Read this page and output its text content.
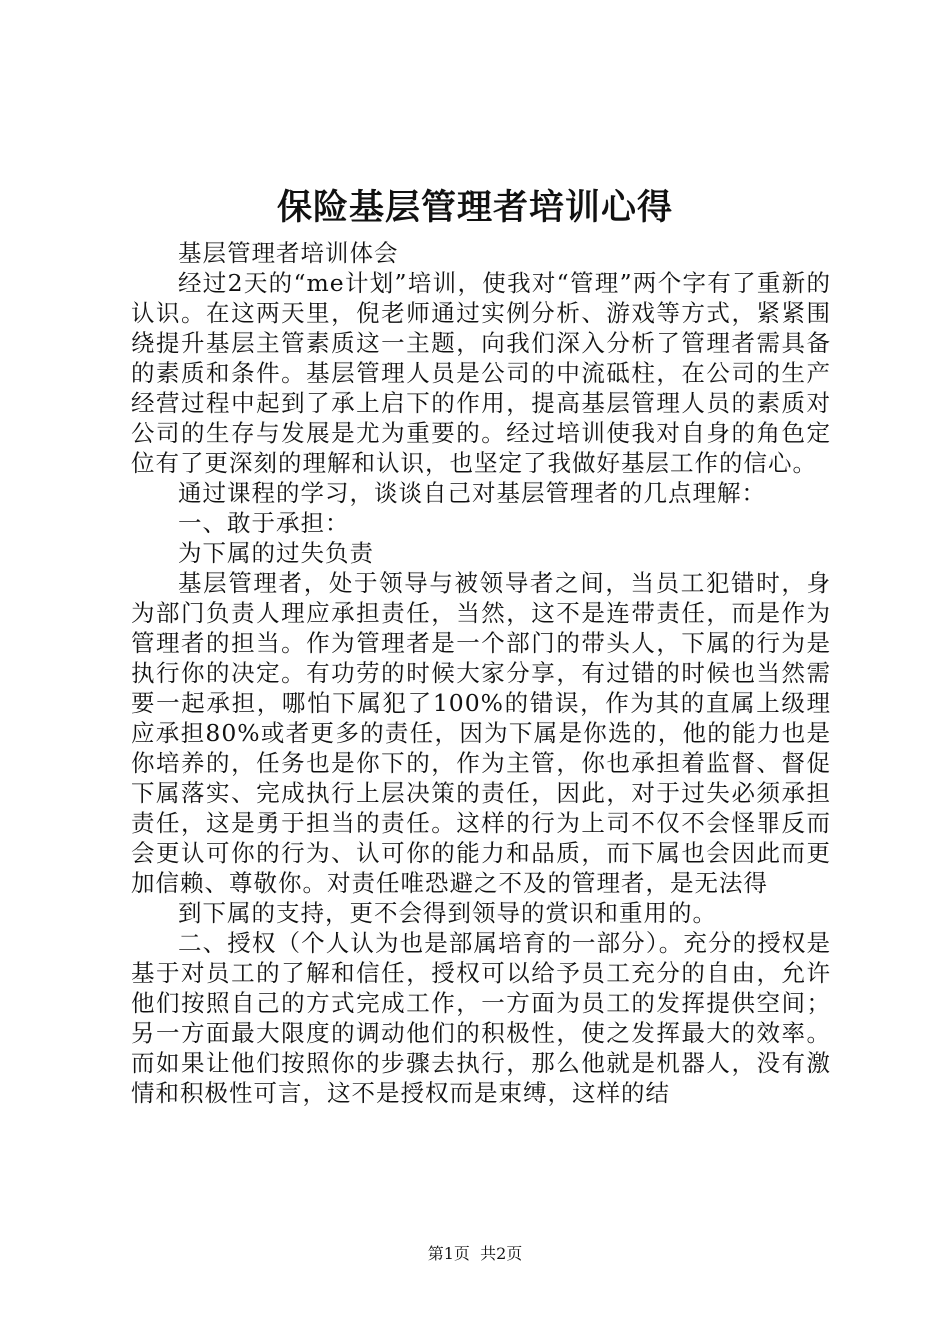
保险基层管理者培训心得

基层管理者培训体会

经过2天的“me计划”培训，使我对“管理”两个字有了重新的认识。在这两天里，倪老师通过实例分析、游戏等方式，紧紧围绕提升基层主管素质这一主题，向我们深入分析了管理者需具备的素质和条件。基层管理人员是公司的中流砥柱，在公司的生产经营过程中起到了承上启下的作用，提高基层管理人员的素质对公司的生存与发展是尤为重要的。经过培训使我对自身的角色定位有了更深刻的理解和认识，也坚定了我做好基层工作的信心。

通过课程的学习，谈谈自己对基层管理者的几点理解：

一、敢于承担：

为下属的过失负责

基层管理者，处于领导与被领导者之间，当员工犯错时，身为部门负责人理应承担责任，当然，这不是连带责任，而是作为管理者的担当。作为管理者是一个部门的带头人，下属的行为是执行你的决定。有功劳的时候大家分享，有过错的时候也当然需要一起承担，哪怕下属犯了100%的错误，作为其的直属上级理应承担80%或者更多的责任，因为下属是你选的，他的能力也是你培养的，任务也是你下的，作为主管，你也承担着监督、督促下属落实、完成执行上层决策的责任，因此，对于过失必须承担责任，这是勇于担当的责任。这样的行为上司不仅不会怪罪反而会更认可你的行为、认可你的能力和品质，而下属也会因此而更加信赖、尊敬你。对责任唯恐避之不及的管理者，是无法得

到下属的支持，更不会得到领导的赏识和重用的。

二、授权（个人认为也是部属培育的一部分）。充分的授权是基于对员工的了解和信任，授权可以给予员工充分的自由，允许他们按照自己的方式完成工作，一方面为员工的发挥提供空间；另一方面最大限度的调动他们的积极性，使之发挥最大的效率。而如果让他们按照你的步骤去执行，那么他就是机器人，没有激情和积极性可言，这不是授权而是束缚，这样的结

第1页 共2页
